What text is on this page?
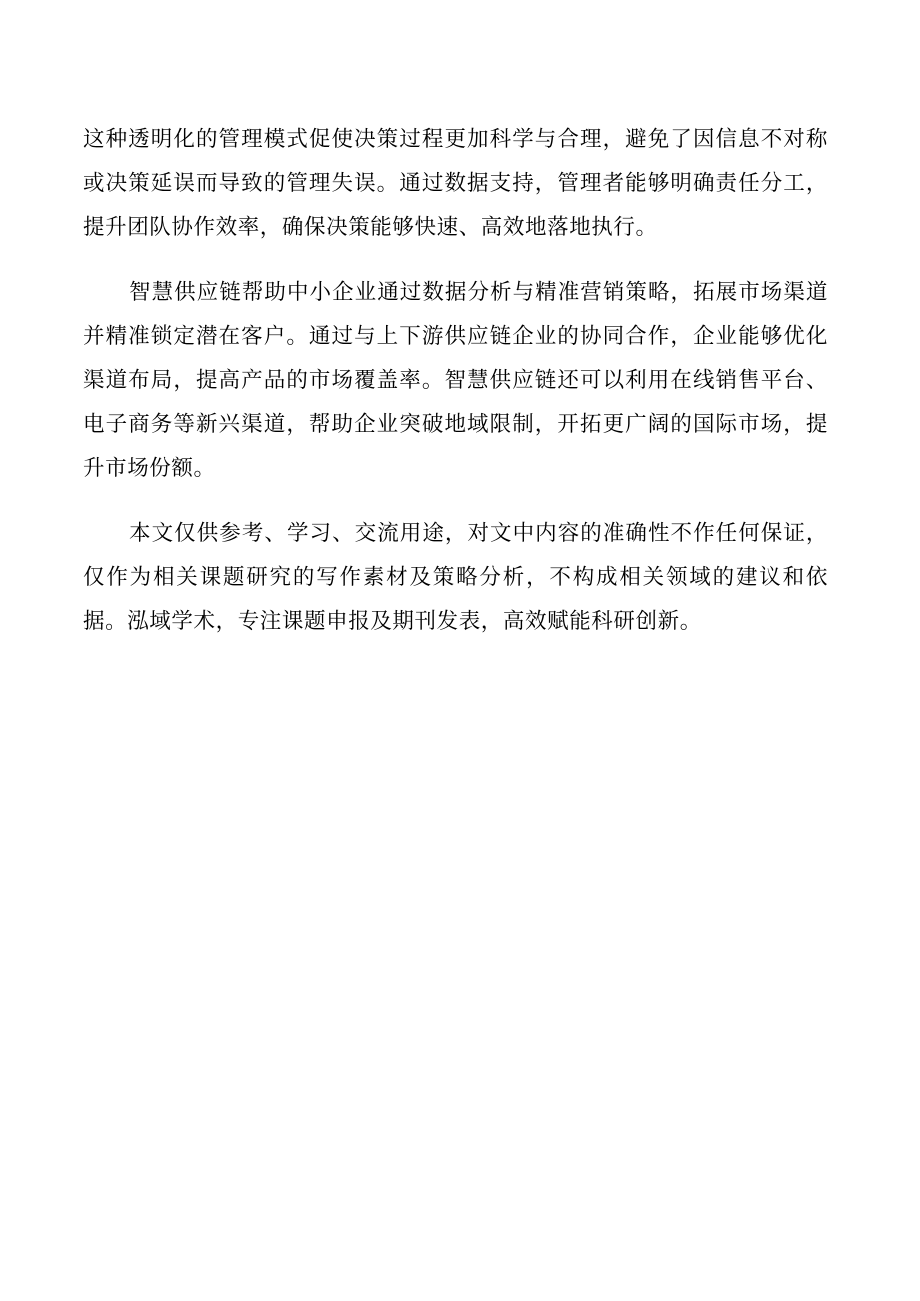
这种透明化的管理模式促使决策过程更加科学与合理，避免了因信息不对称或决策延误而导致的管理失误。通过数据支持，管理者能够明确责任分工，提升团队协作效率，确保决策能够快速、高效地落地执行。

智慧供应链帮助中小企业通过数据分析与精准营销策略，拓展市场渠道并精准锁定潜在客户。通过与上下游供应链企业的协同合作，企业能够优化渠道布局，提高产品的市场覆盖率。智慧供应链还可以利用在线销售平台、电子商务等新兴渠道，帮助企业突破地域限制，开拓更广阔的国际市场，提升市场份额。

本文仅供参考、学习、交流用途，对文中内容的准确性不作任何保证，仅作为相关课题研究的写作素材及策略分析，不构成相关领域的建议和依据。泓域学术，专注课题申报及期刊发表，高效赋能科研创新。
